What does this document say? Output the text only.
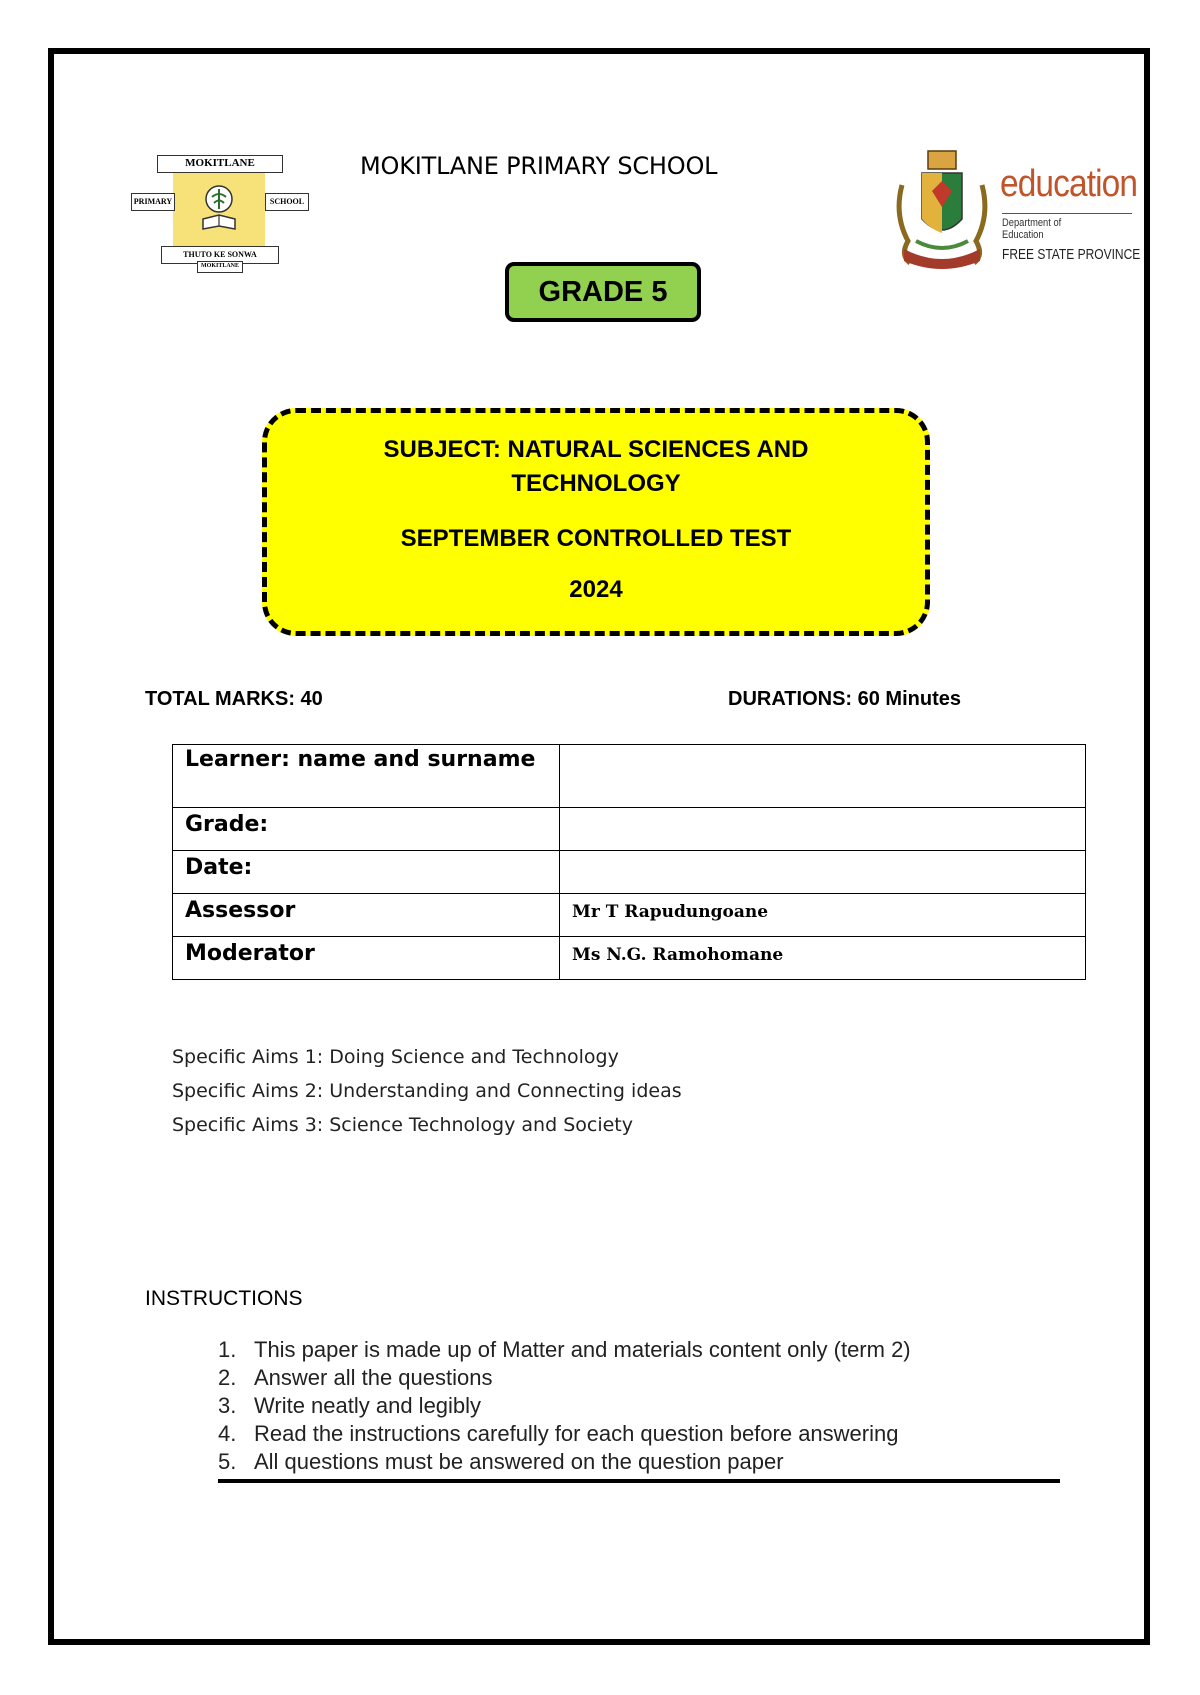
MOKITLANE
PRIMARY	SCHOOL
THUTO KE SONWA
MOKITLANE
MOKITLANE PRIMARY SCHOOL	education
Department of
Education
FREE STATE PROVINCE
GRADE 5
SUBJECT: NATURAL SCIENCES AND TECHNOLOGY
SEPTEMBER CONTROLLED TEST
2024
TOTAL MARKS: 40	DURATIONS: 60 Minutes
Learner: name and surname	
Grade:	
Date:	
Assessor	Mr T Rapudungoane
Moderator	Ms N.G. Ramohomane
Specific Aims 1: Doing Science and Technology
Specific Aims 2: Understanding and Connecting ideas
Specific Aims 3: Science Technology and Society
INSTRUCTIONS
1. This paper is made up of Matter and materials content only (term 2)
2. Answer all the questions
3. Write neatly and legibly
4. Read the instructions carefully for each question before answering
5. All questions must be answered on the question paper
